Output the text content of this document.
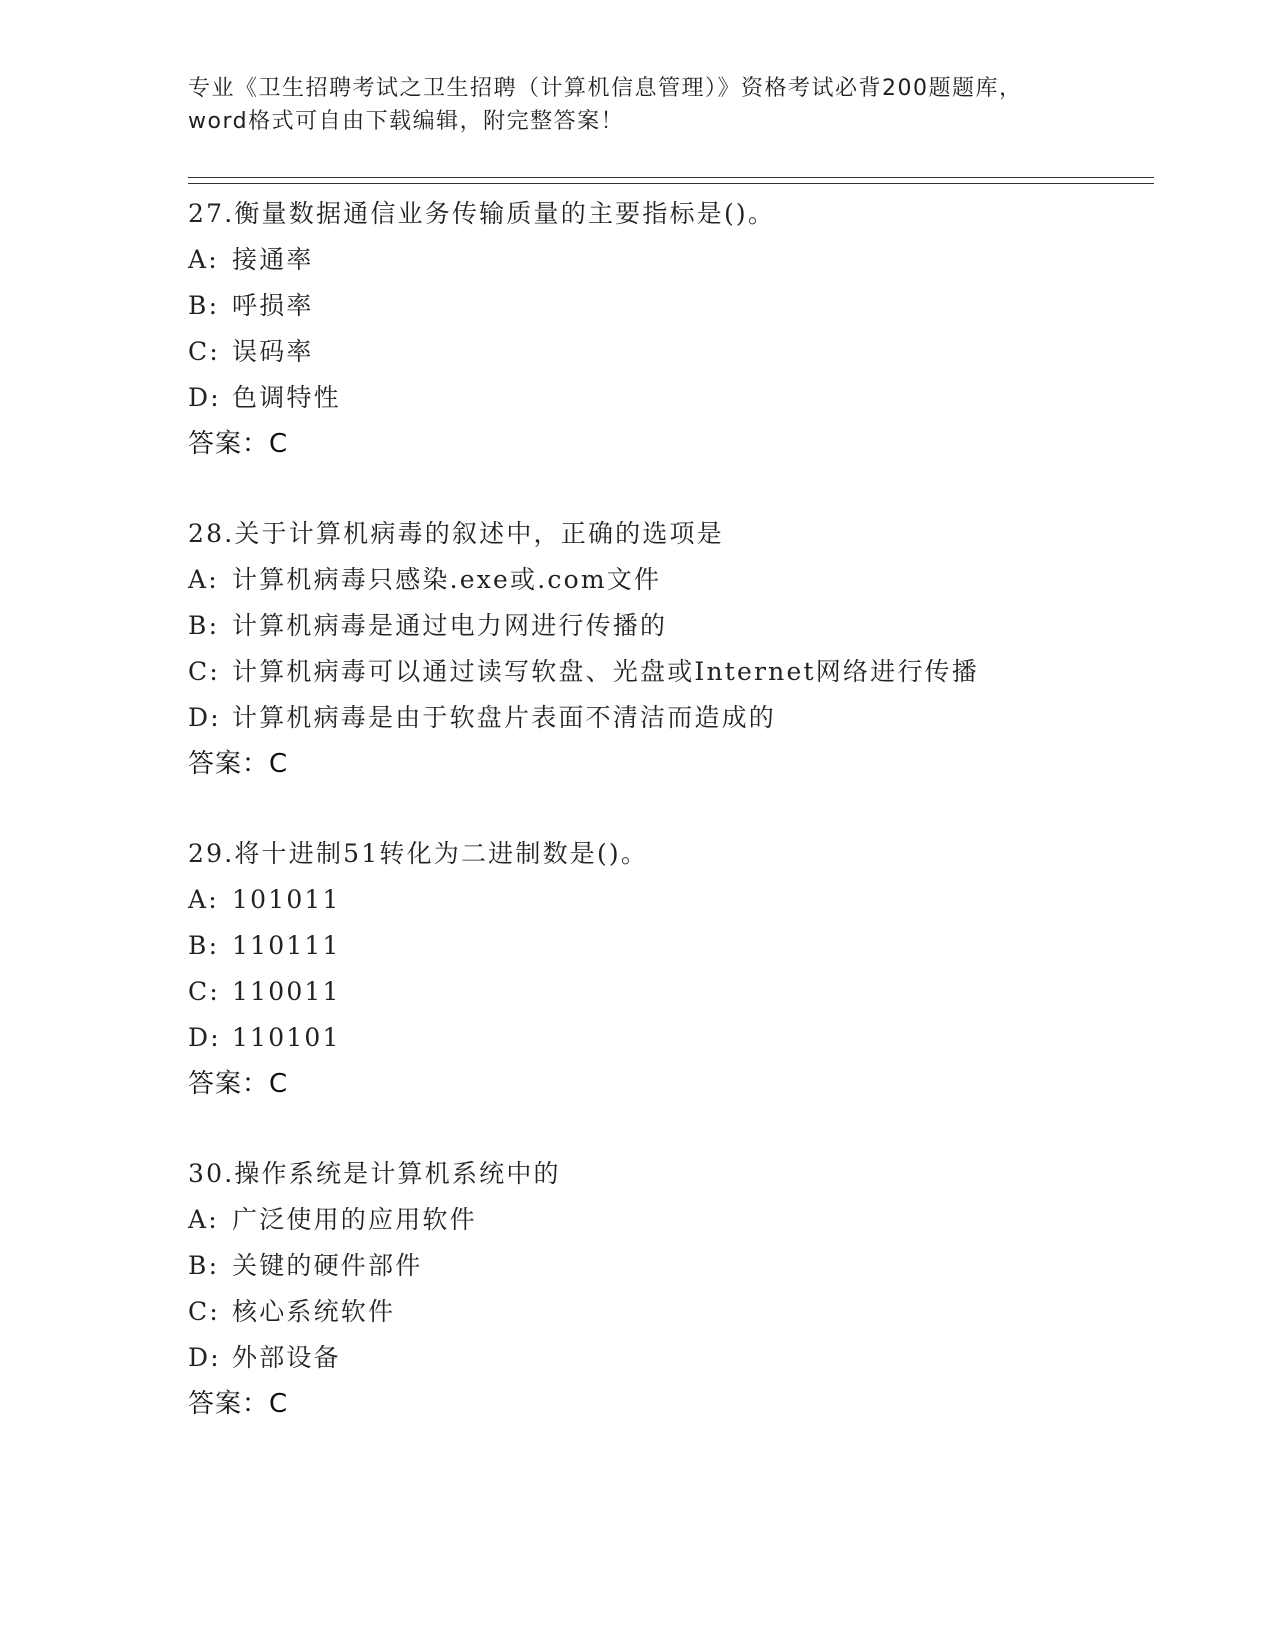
专业《卫生招聘考试之卫生招聘（计算机信息管理）》资格考试必背200题题库，
word格式可自由下载编辑，附完整答案！
27.衡量数据通信业务传输质量的主要指标是()。
A: 接通率
B: 呼损率
C: 误码率
D: 色调特性
答案：C
28.关于计算机病毒的叙述中，正确的选项是
A: 计算机病毒只感染.exe或.com文件
B: 计算机病毒是通过电力网进行传播的
C: 计算机病毒可以通过读写软盘、光盘或Internet网络进行传播
D: 计算机病毒是由于软盘片表面不清洁而造成的
答案：C
29.将十进制51转化为二进制数是()。
A: 101011
B: 110111
C: 110011
D: 110101
答案：C
30.操作系统是计算机系统中的
A: 广泛使用的应用软件
B: 关键的硬件部件
C: 核心系统软件
D: 外部设备
答案：C
